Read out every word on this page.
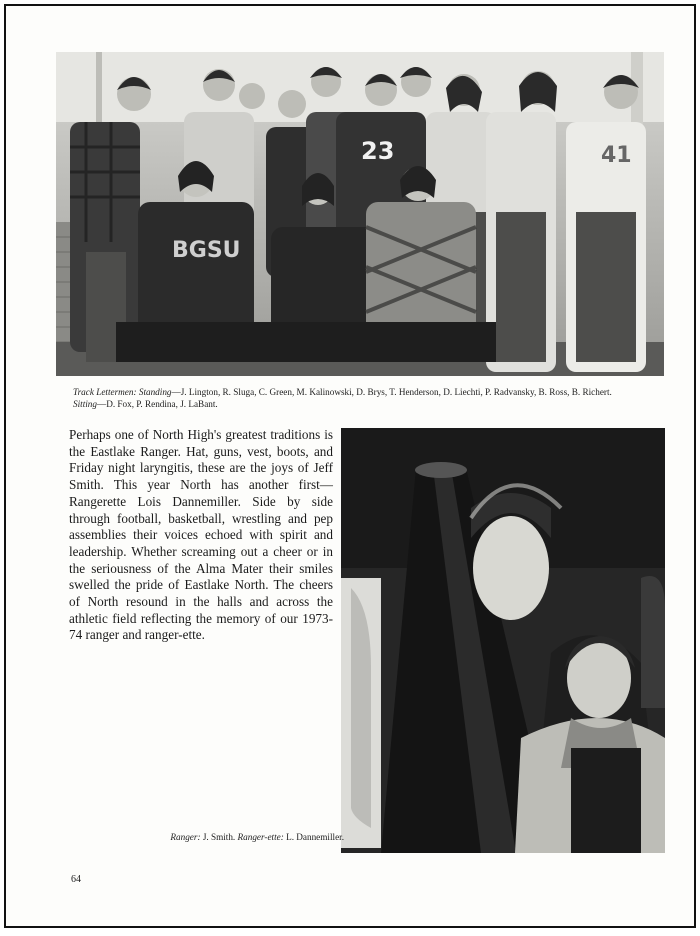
23	41
BGSU
Track Lettermen: Standing—J. Lington, R. Sluga, C. Green, M. Kalinowski, D. Brys, T. Henderson, D. Liechti, P. Radvansky, B. Ross, B. Richert.
Sitting—D. Fox, P. Rendina, J. LaBant.
Perhaps one of North High's greatest traditions is the Eastlake Ranger. Hat, guns, vest, boots, and Friday night laryngitis, these are the joys of Jeff Smith. This year North has another first—Rangerette Lois Dannemiller. Side by side through football, basketball, wrestling and pep assemblies their voices echoed with spirit and leadership. Whether screaming out a cheer or in the seriousness of the Alma Mater their smiles swelled the pride of Eastlake North. The cheers of North resound in the halls and across the athletic field reflecting the memory of our 1973-74 ranger and ranger-ette.
Ranger: J. Smith. Ranger-ette: L. Dannemiller.
64
